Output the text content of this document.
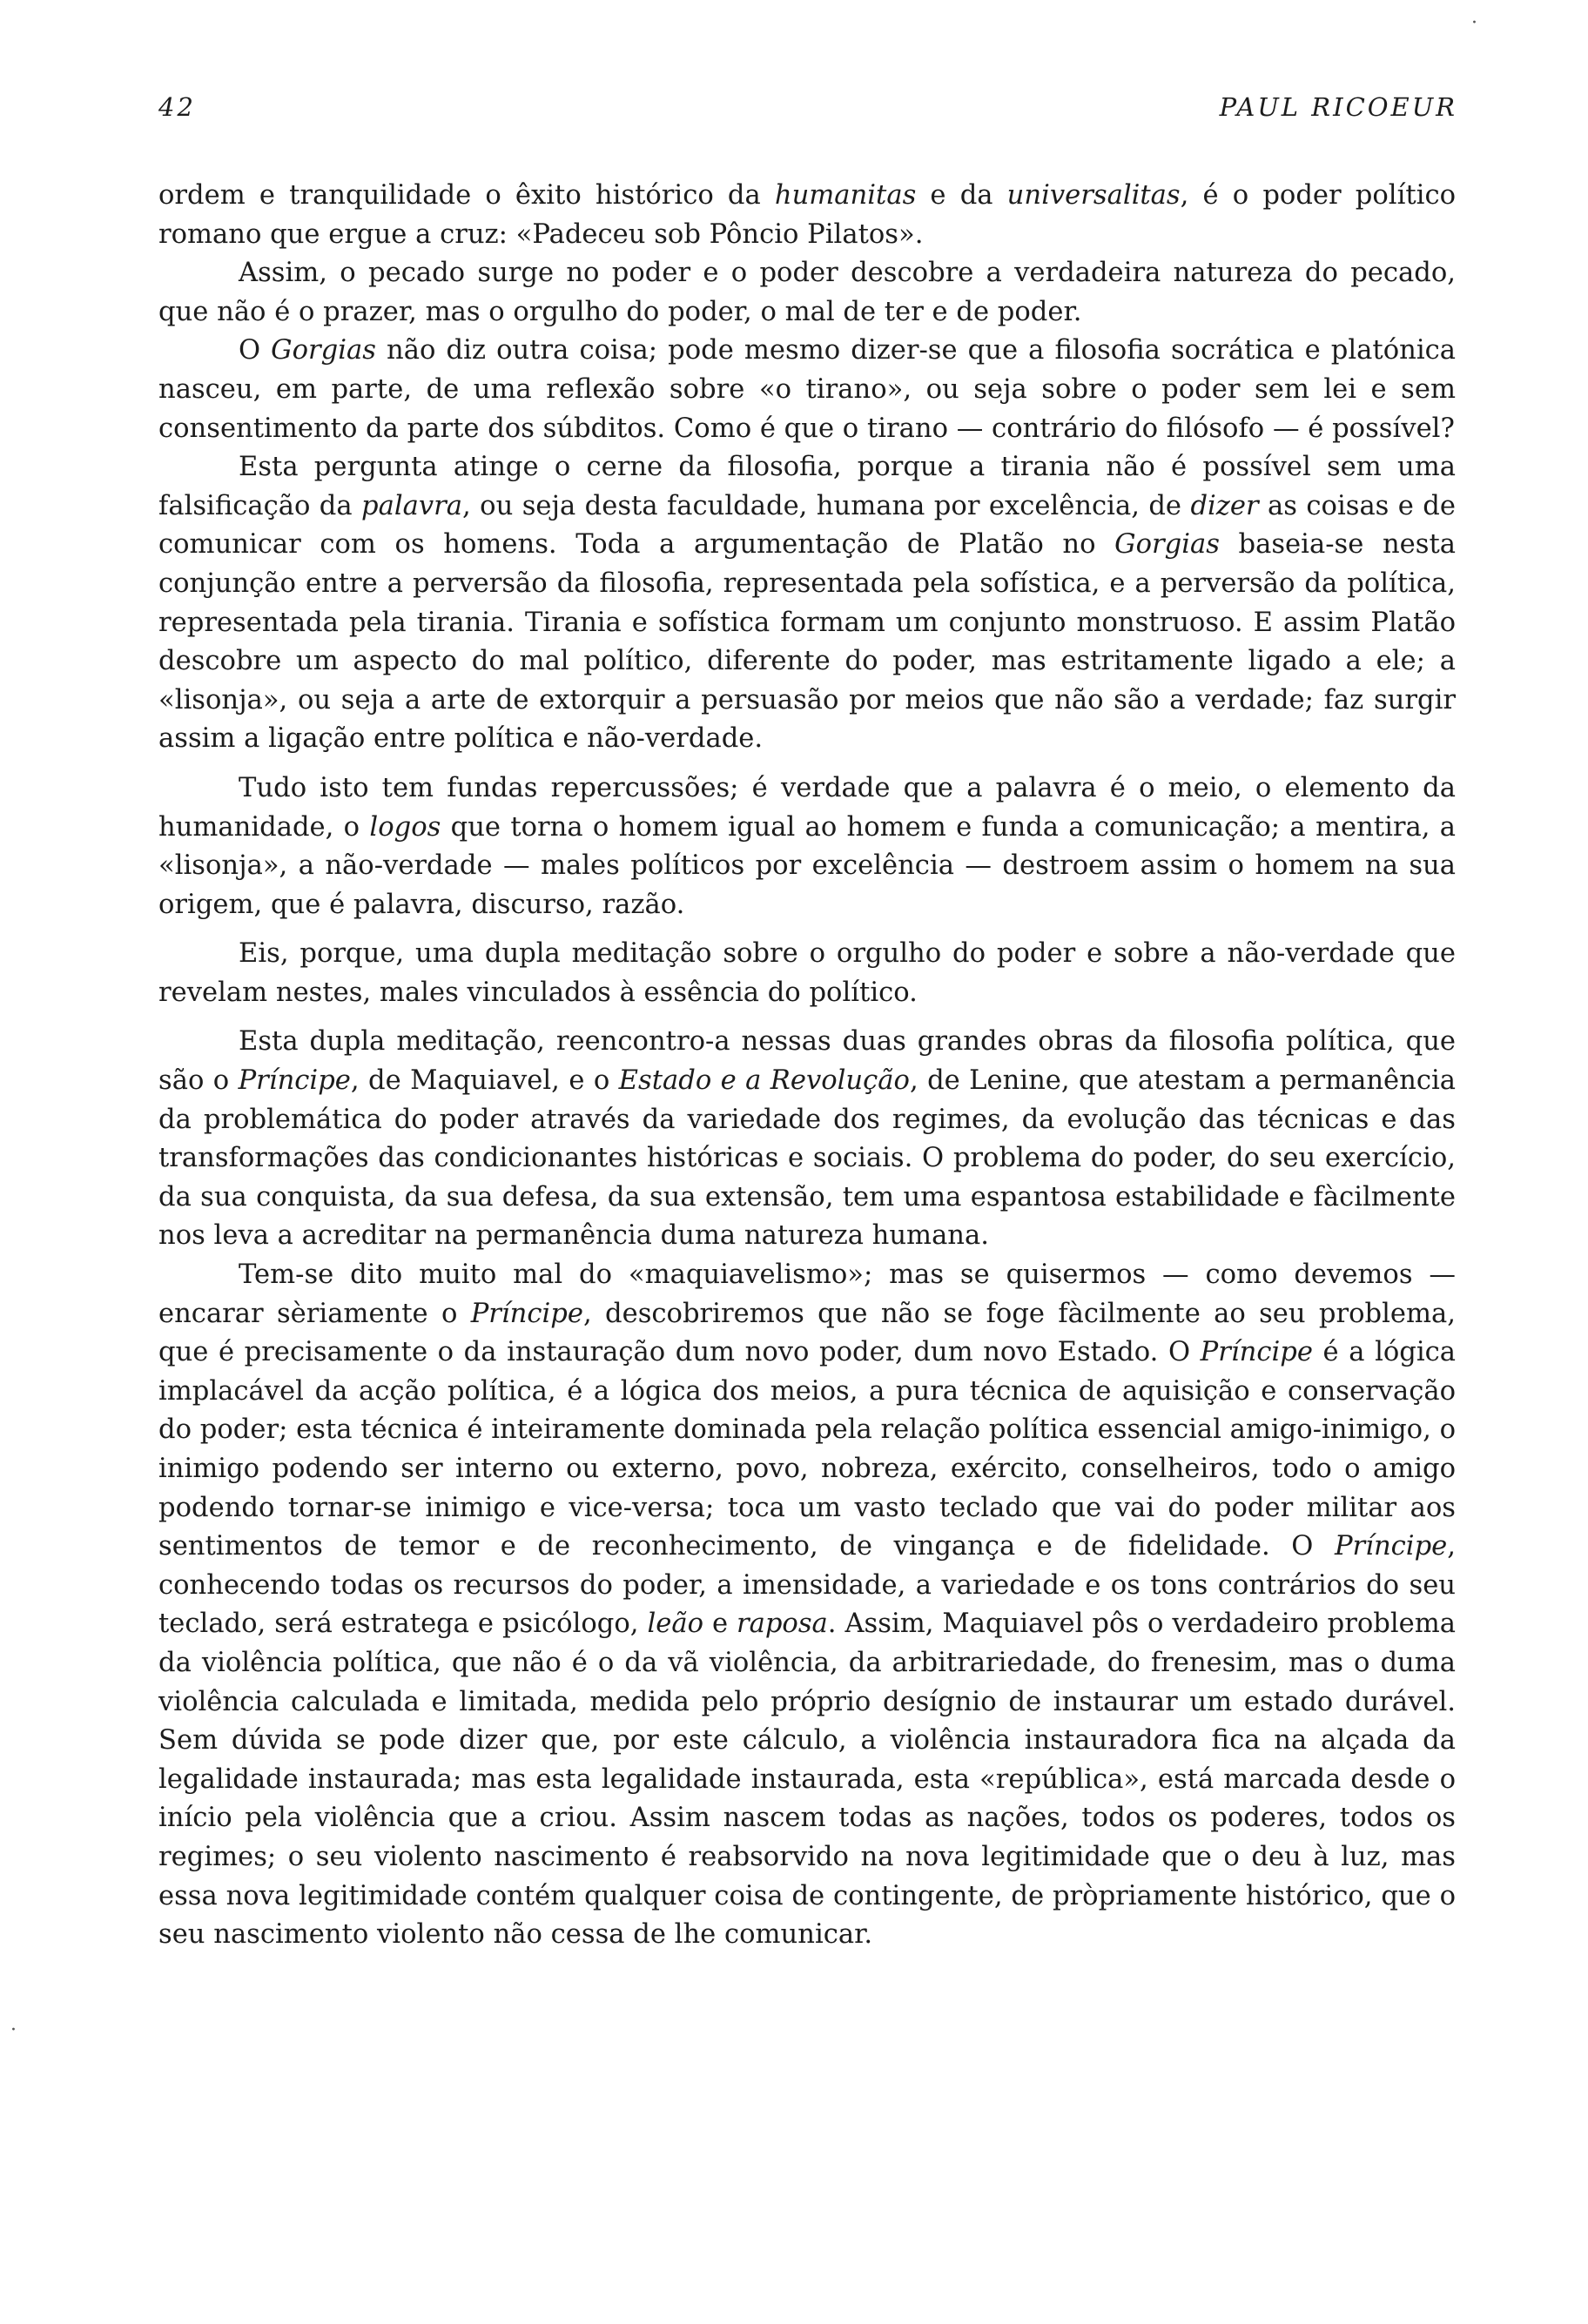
42	PAUL RICOEUR

ordem e tranquilidade o êxito histórico da humanitas e da universalitas, é o poder político romano que ergue a cruz: «Padeceu sob Pôncio Pilatos».

Assim, o pecado surge no poder e o poder descobre a verdadeira natureza do pecado, que não é o prazer, mas o orgulho do poder, o mal de ter e de poder.

O Gorgias não diz outra coisa; pode mesmo dizer-se que a filosofia socrática e platónica nasceu, em parte, de uma reflexão sobre «o tirano», ou seja sobre o poder sem lei e sem consentimento da parte dos súbditos. Como é que o tirano — contrário do filósofo — é possível?

Esta pergunta atinge o cerne da filosofia, porque a tirania não é possível sem uma falsificação da palavra, ou seja desta faculdade, humana por excelência, de dizer as coisas e de comunicar com os homens. Toda a argumentação de Platão no Gorgias baseia-se nesta conjunção entre a perversão da filosofia, representada pela sofística, e a perversão da política, representada pela tirania. Tirania e sofística formam um conjunto monstruoso. E assim Platão descobre um aspecto do mal político, diferente do poder, mas estritamente ligado a ele; a «lisonja», ou seja a arte de extorquir a persuasão por meios que não são a verdade; faz surgir assim a ligação entre política e não-verdade.

Tudo isto tem fundas repercussões; é verdade que a palavra é o meio, o elemento da humanidade, o logos que torna o homem igual ao homem e funda a comunicação; a mentira, a «lisonja», a não-verdade — males políticos por excelência — destroem assim o homem na sua origem, que é palavra, discurso, razão.

Eis, porque, uma dupla meditação sobre o orgulho do poder e sobre a não-verdade que revelam nestes, males vinculados à essência do político.

Esta dupla meditação, reencontro-a nessas duas grandes obras da filosofia política, que são o Príncipe, de Maquiavel, e o Estado e a Revolução, de Lenine, que atestam a permanência da problemática do poder através da variedade dos regimes, da evolução das técnicas e das transformações das condicionantes históricas e sociais. O problema do poder, do seu exercício, da sua conquista, da sua defesa, da sua extensão, tem uma espantosa estabilidade e fàcilmente nos leva a acreditar na permanência duma natureza humana.

Tem-se dito muito mal do «maquiavelismo»; mas se quisermos — como devemos — encarar sèriamente o Príncipe, descobriremos que não se foge fàcilmente ao seu problema, que é precisamente o da instauração dum novo poder, dum novo Estado. O Príncipe é a lógica implacável da acção política, é a lógica dos meios, a pura técnica de aquisição e conservação do poder; esta técnica é inteiramente dominada pela relação política essencial amigo-inimigo, o inimigo podendo ser interno ou externo, povo, nobreza, exército, conselheiros, todo o amigo podendo tornar-se inimigo e vice-versa; toca um vasto teclado que vai do poder militar aos sentimentos de temor e de reconhecimento, de vingança e de fidelidade. O Príncipe, conhecendo todas os recursos do poder, a imensidade, a variedade e os tons contrários do seu teclado, será estratega e psicólogo, leão e raposa. Assim, Maquiavel pôs o verdadeiro problema da violência política, que não é o da vã violência, da arbitrariedade, do frenesim, mas o duma violência calculada e limitada, medida pelo próprio desígnio de instaurar um estado durável. Sem dúvida se pode dizer que, por este cálculo, a violência instauradora fica na alçada da legalidade instaurada; mas esta legalidade instaurada, esta «república», está marcada desde o início pela violência que a criou. Assim nascem todas as nações, todos os poderes, todos os regimes; o seu violento nascimento é reabsorvido na nova legitimidade que o deu à luz, mas essa nova legitimidade contém qualquer coisa de contingente, de pròpriamente histórico, que o seu nascimento violento não cessa de lhe comunicar.

·
·
